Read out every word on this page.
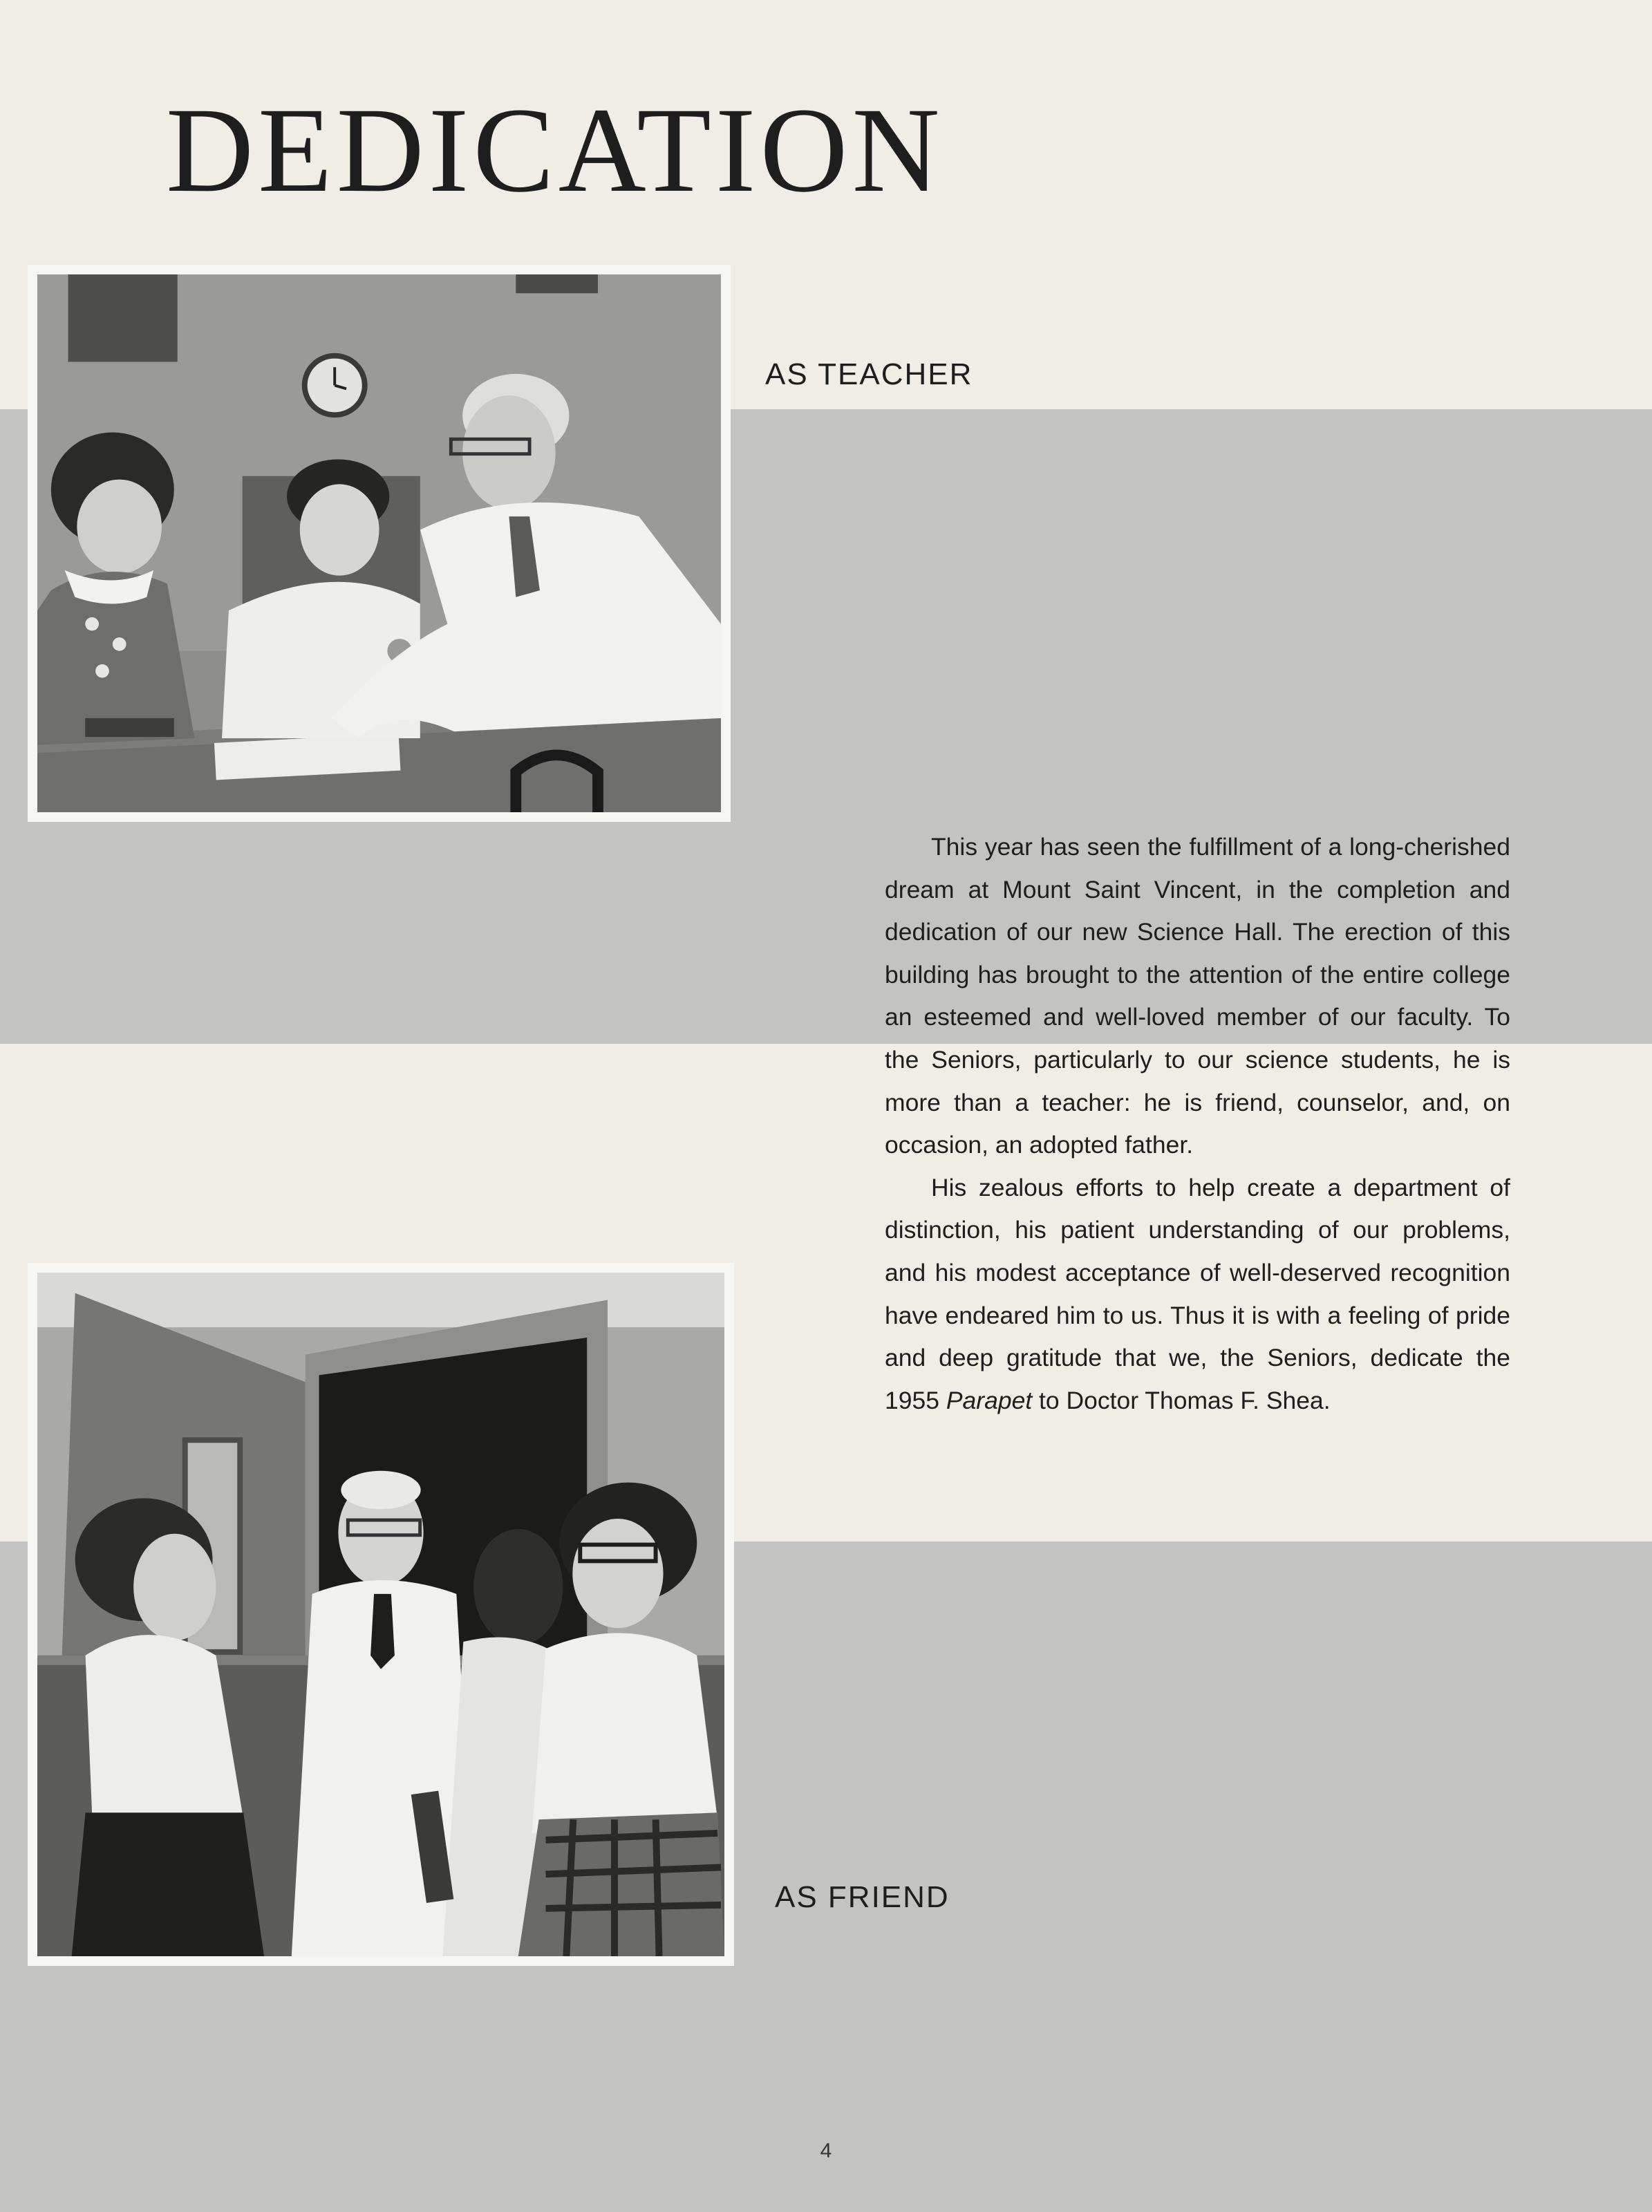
DEDICATION
AS TEACHER

This year has seen the fulfillment of a long-cherished dream at Mount Saint Vincent, in the completion and dedication of our new Science Hall. The erection of this building has brought to the attention of the entire college an esteemed and well-loved member of our faculty. To the Seniors, particularly to our science students, he is more than a teacher: he is friend, counselor, and, on occasion, an adopted father.

His zealous efforts to help create a department of distinction, his patient understanding of our problems, and his modest acceptance of well-deserved recognition have endeared him to us. Thus it is with a feeling of pride and deep gratitude that we, the Seniors, dedicate the 1955 Parapet to Doctor Thomas F. Shea.

AS FRIEND
4
